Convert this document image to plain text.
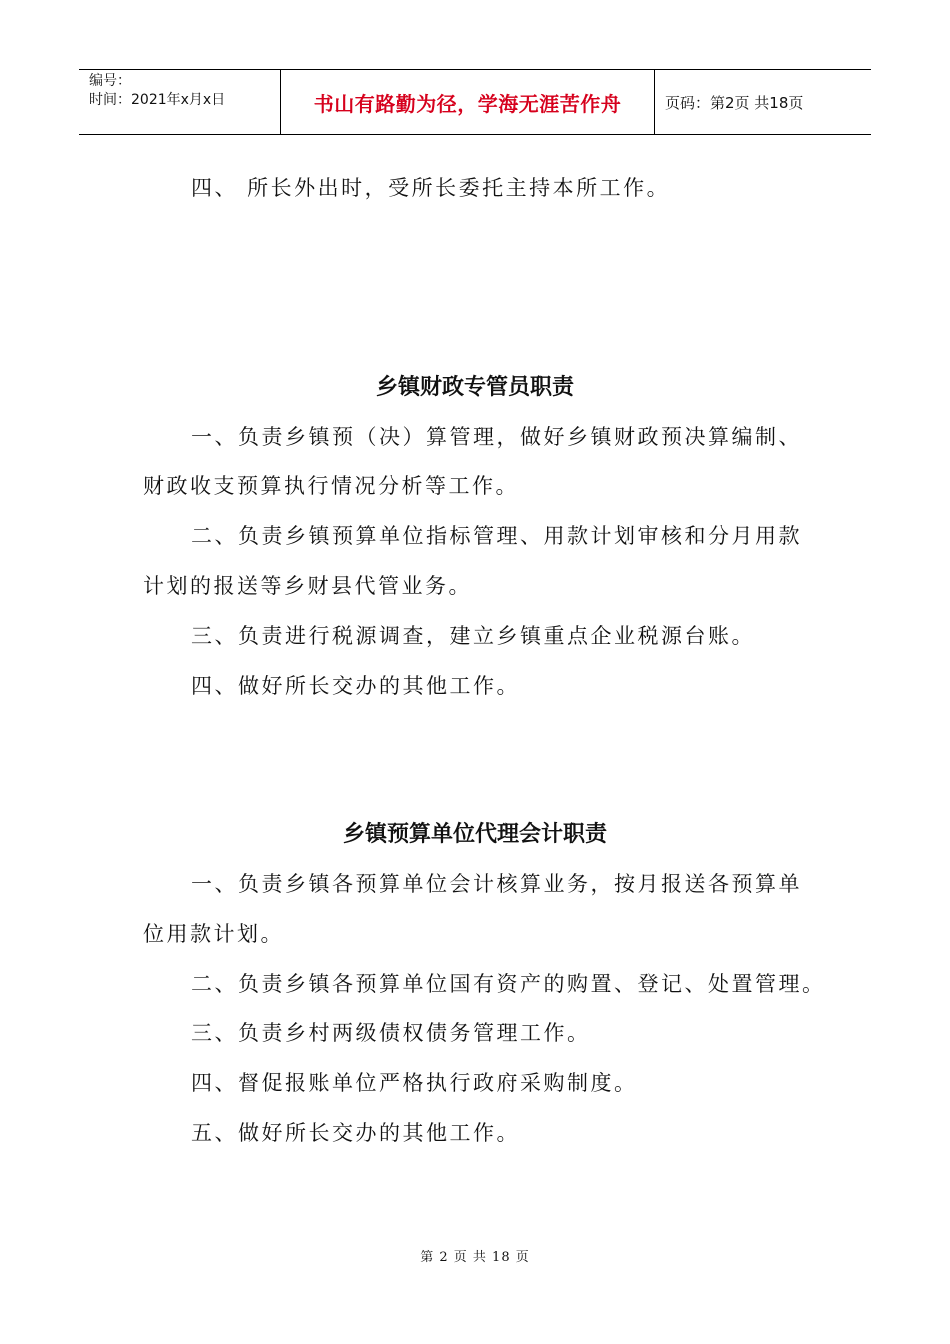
编号：
时间：2021年x月x日	书山有路勤为径，学海无涯苦作舟	页码：第2页 共18页

四、 所长外出时，受所长委托主持本所工作。

乡镇财政专管员职责

一、负责乡镇预（决）算管理，做好乡镇财政预决算编制、

财政收支预算执行情况分析等工作。

二、负责乡镇预算单位指标管理、用款计划审核和分月用款

计划的报送等乡财县代管业务。

三、负责进行税源调查，建立乡镇重点企业税源台账。

四、做好所长交办的其他工作。

乡镇预算单位代理会计职责

一、负责乡镇各预算单位会计核算业务，按月报送各预算单

位用款计划。

二、负责乡镇各预算单位国有资产的购置、登记、处置管理。

三、负责乡村两级债权债务管理工作。

四、督促报账单位严格执行政府采购制度。

五、做好所长交办的其他工作。

第 2 页 共 18 页
